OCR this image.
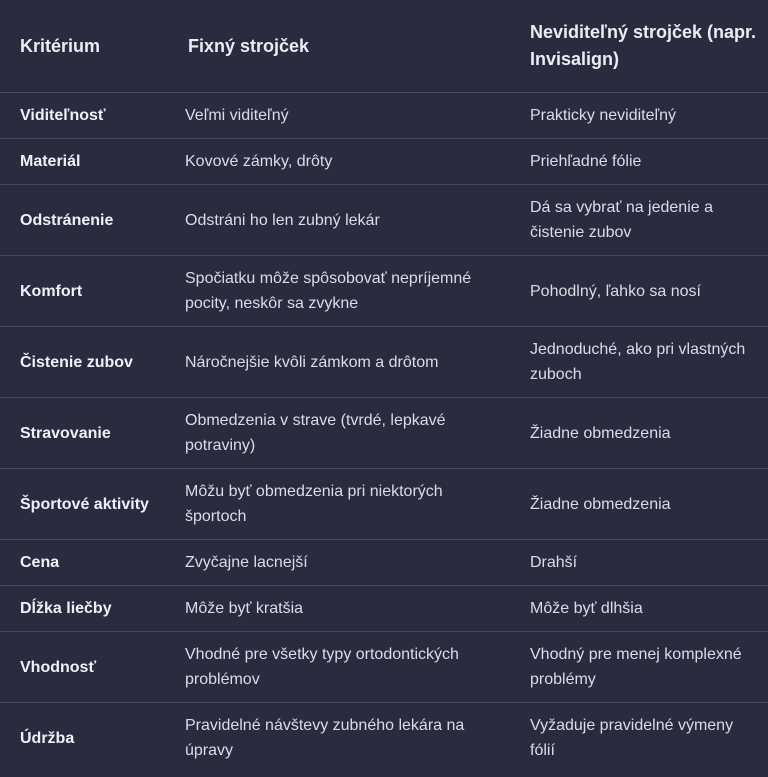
Kritérium	Fixný strojček	Neviditeľný strojček (napr. Invisalign)
Viditeľnosť	Veľmi viditeľný	Prakticky neviditeľný
Materiál	Kovové zámky, drôty	Priehľadné fólie
Odstránenie	Odstráni ho len zubný lekár	Dá sa vybrať na jedenie a čistenie zubov
Komfort	Spočiatku môže spôsobovať nepríjemné pocity, neskôr sa zvykne	Pohodlný, ľahko sa nosí
Čistenie zubov	Náročnejšie kvôli zámkom a drôtom	Jednoduché, ako pri vlastných zuboch
Stravovanie	Obmedzenia v strave (tvrdé, lepkavé potraviny)	Žiadne obmedzenia
Športové aktivity	Môžu byť obmedzenia pri niektorých športoch	Žiadne obmedzenia
Cena	Zvyčajne lacnejší	Drahší
Dĺžka liečby	Môže byť kratšia	Môže byť dlhšia
Vhodnosť	Vhodné pre všetky typy ortodontických problémov	Vhodný pre menej komplexné problémy
Údržba	Pravidelné návštevy zubného lekára na úpravy	Vyžaduje pravidelné výmeny fólií
